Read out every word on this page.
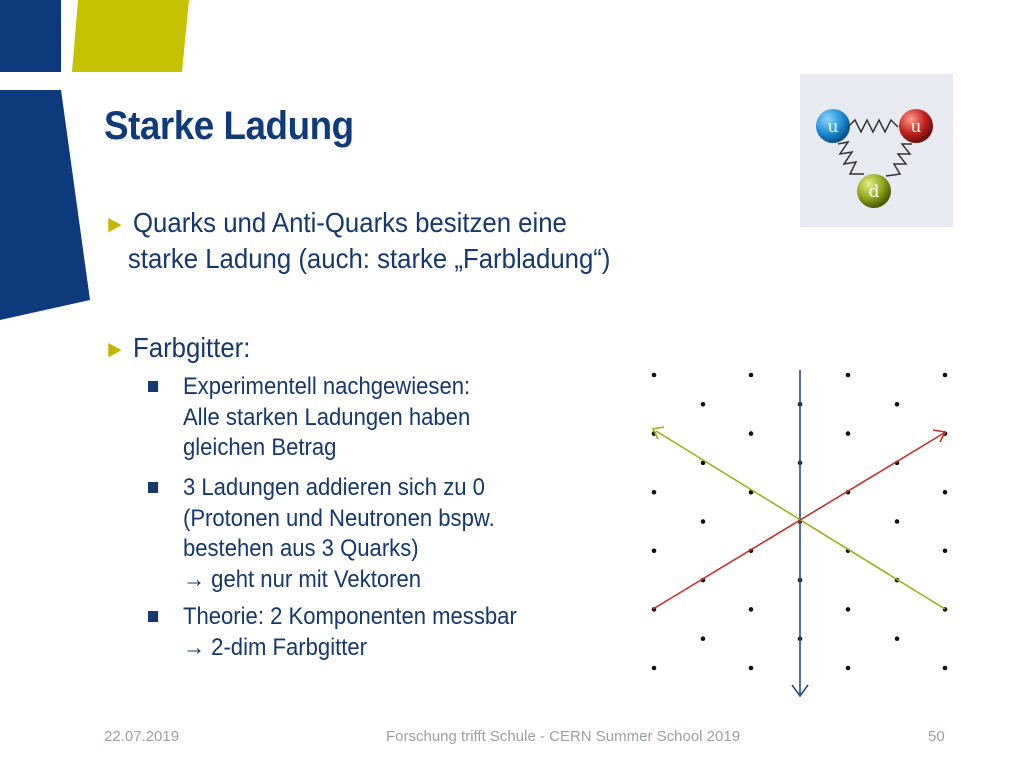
Starke Ladung
► Quarks und Anti-Quarks besitzen eine
starke Ladung (auch: starke „Farbladung“)
► Farbgitter:
Experimentell nachgewiesen:
Alle starken Ladungen haben
gleichen Betrag
3 Ladungen addieren sich zu 0
(Protonen und Neutronen bspw.
bestehen aus 3 Quarks)
→ geht nur mit Vektoren
Theorie: 2 Komponenten messbar
→ 2-dim Farbgitter
u	u
d
22.07.2019	Forschung trifft Schule - CERN Summer School 2019	50
